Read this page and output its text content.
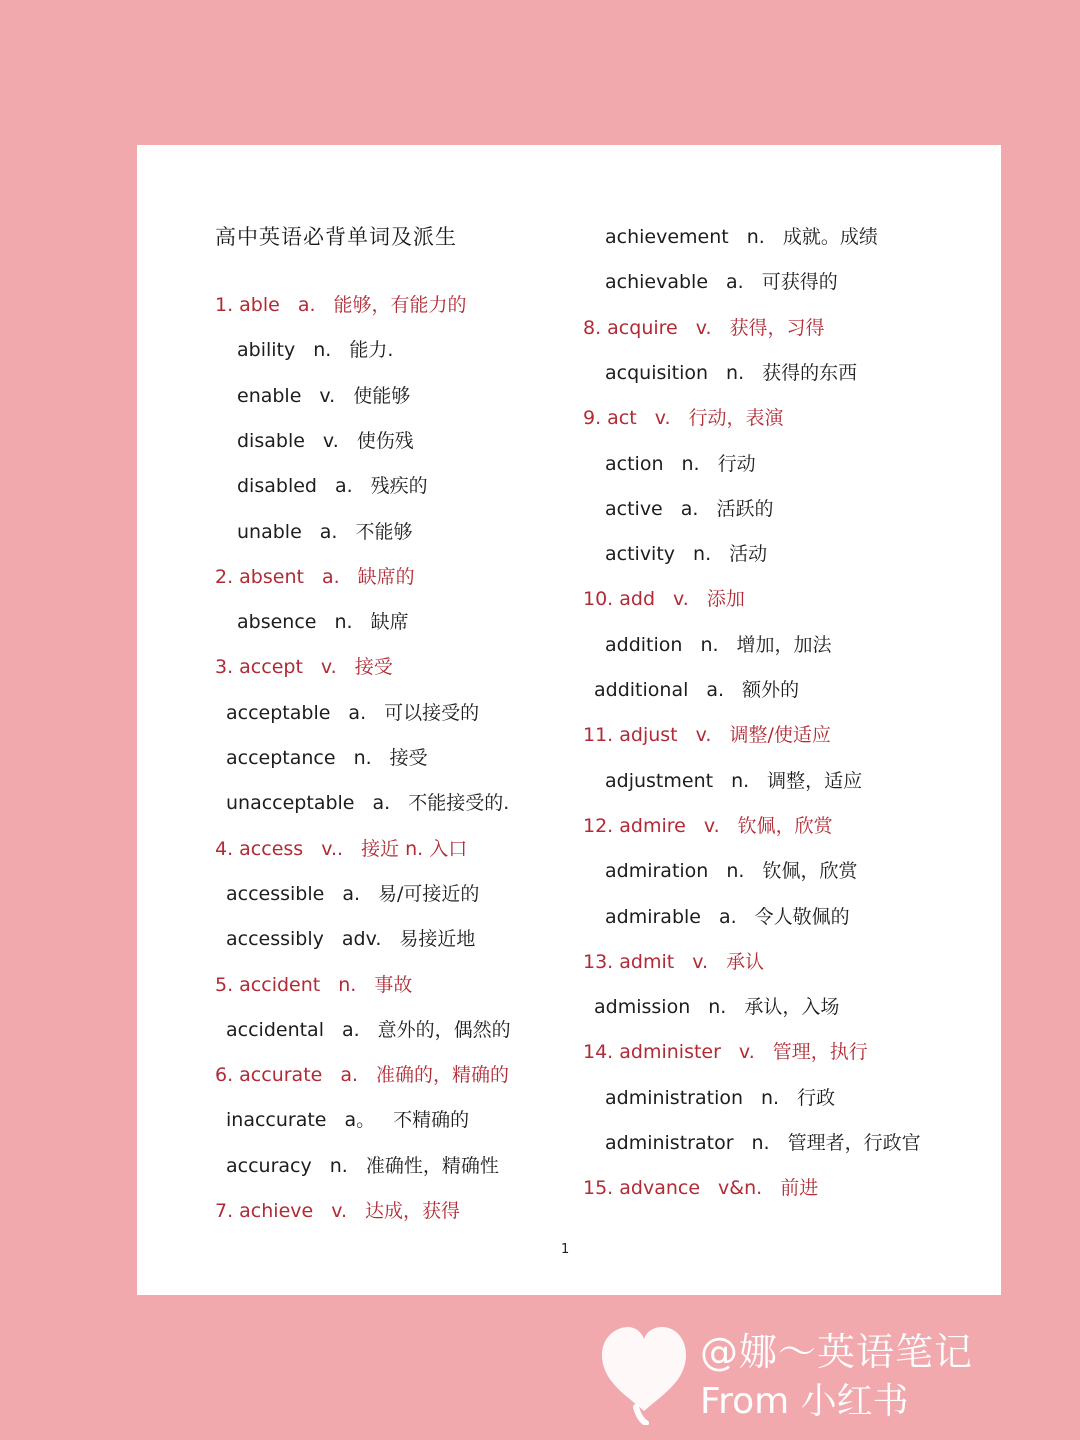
高中英语必背单词及派生
1. able a. 能够，有能力的
ability n. 能力.
enable v. 使能够
disable v. 使伤残
disabled a. 残疾的
unable a. 不能够
2. absent a. 缺席的
absence n. 缺席
3. accept v. 接受
acceptable a. 可以接受的
acceptance n. 接受
unacceptable a. 不能接受的.
4. access v.. 接近 n. 入口
accessible a. 易/可接近的
accessibly adv. 易接近地
5. accident n. 事故
accidental a. 意外的，偶然的
6. accurate a. 准确的，精确的
inaccurate a。 不精确的
accuracy n. 准确性，精确性
7. achieve v. 达成，获得
achievement n. 成就。成绩
achievable a. 可获得的
8. acquire v. 获得，习得
acquisition n. 获得的东西
9. act v. 行动，表演
action n. 行动
active a. 活跃的
activity n. 活动
10. add v. 添加
addition n. 增加，加法
additional a. 额外的
11. adjust v. 调整/使适应
adjustment n. 调整，适应
12. admire v. 钦佩，欣赏
admiration n. 钦佩，欣赏
admirable a. 令人敬佩的
13. admit v. 承认
admission n. 承认，入场
14. administer v. 管理，执行
administration n. 行政
administrator n. 管理者，行政官
15. advance v&n. 前进
1
@娜～英语笔记
From 小红书
